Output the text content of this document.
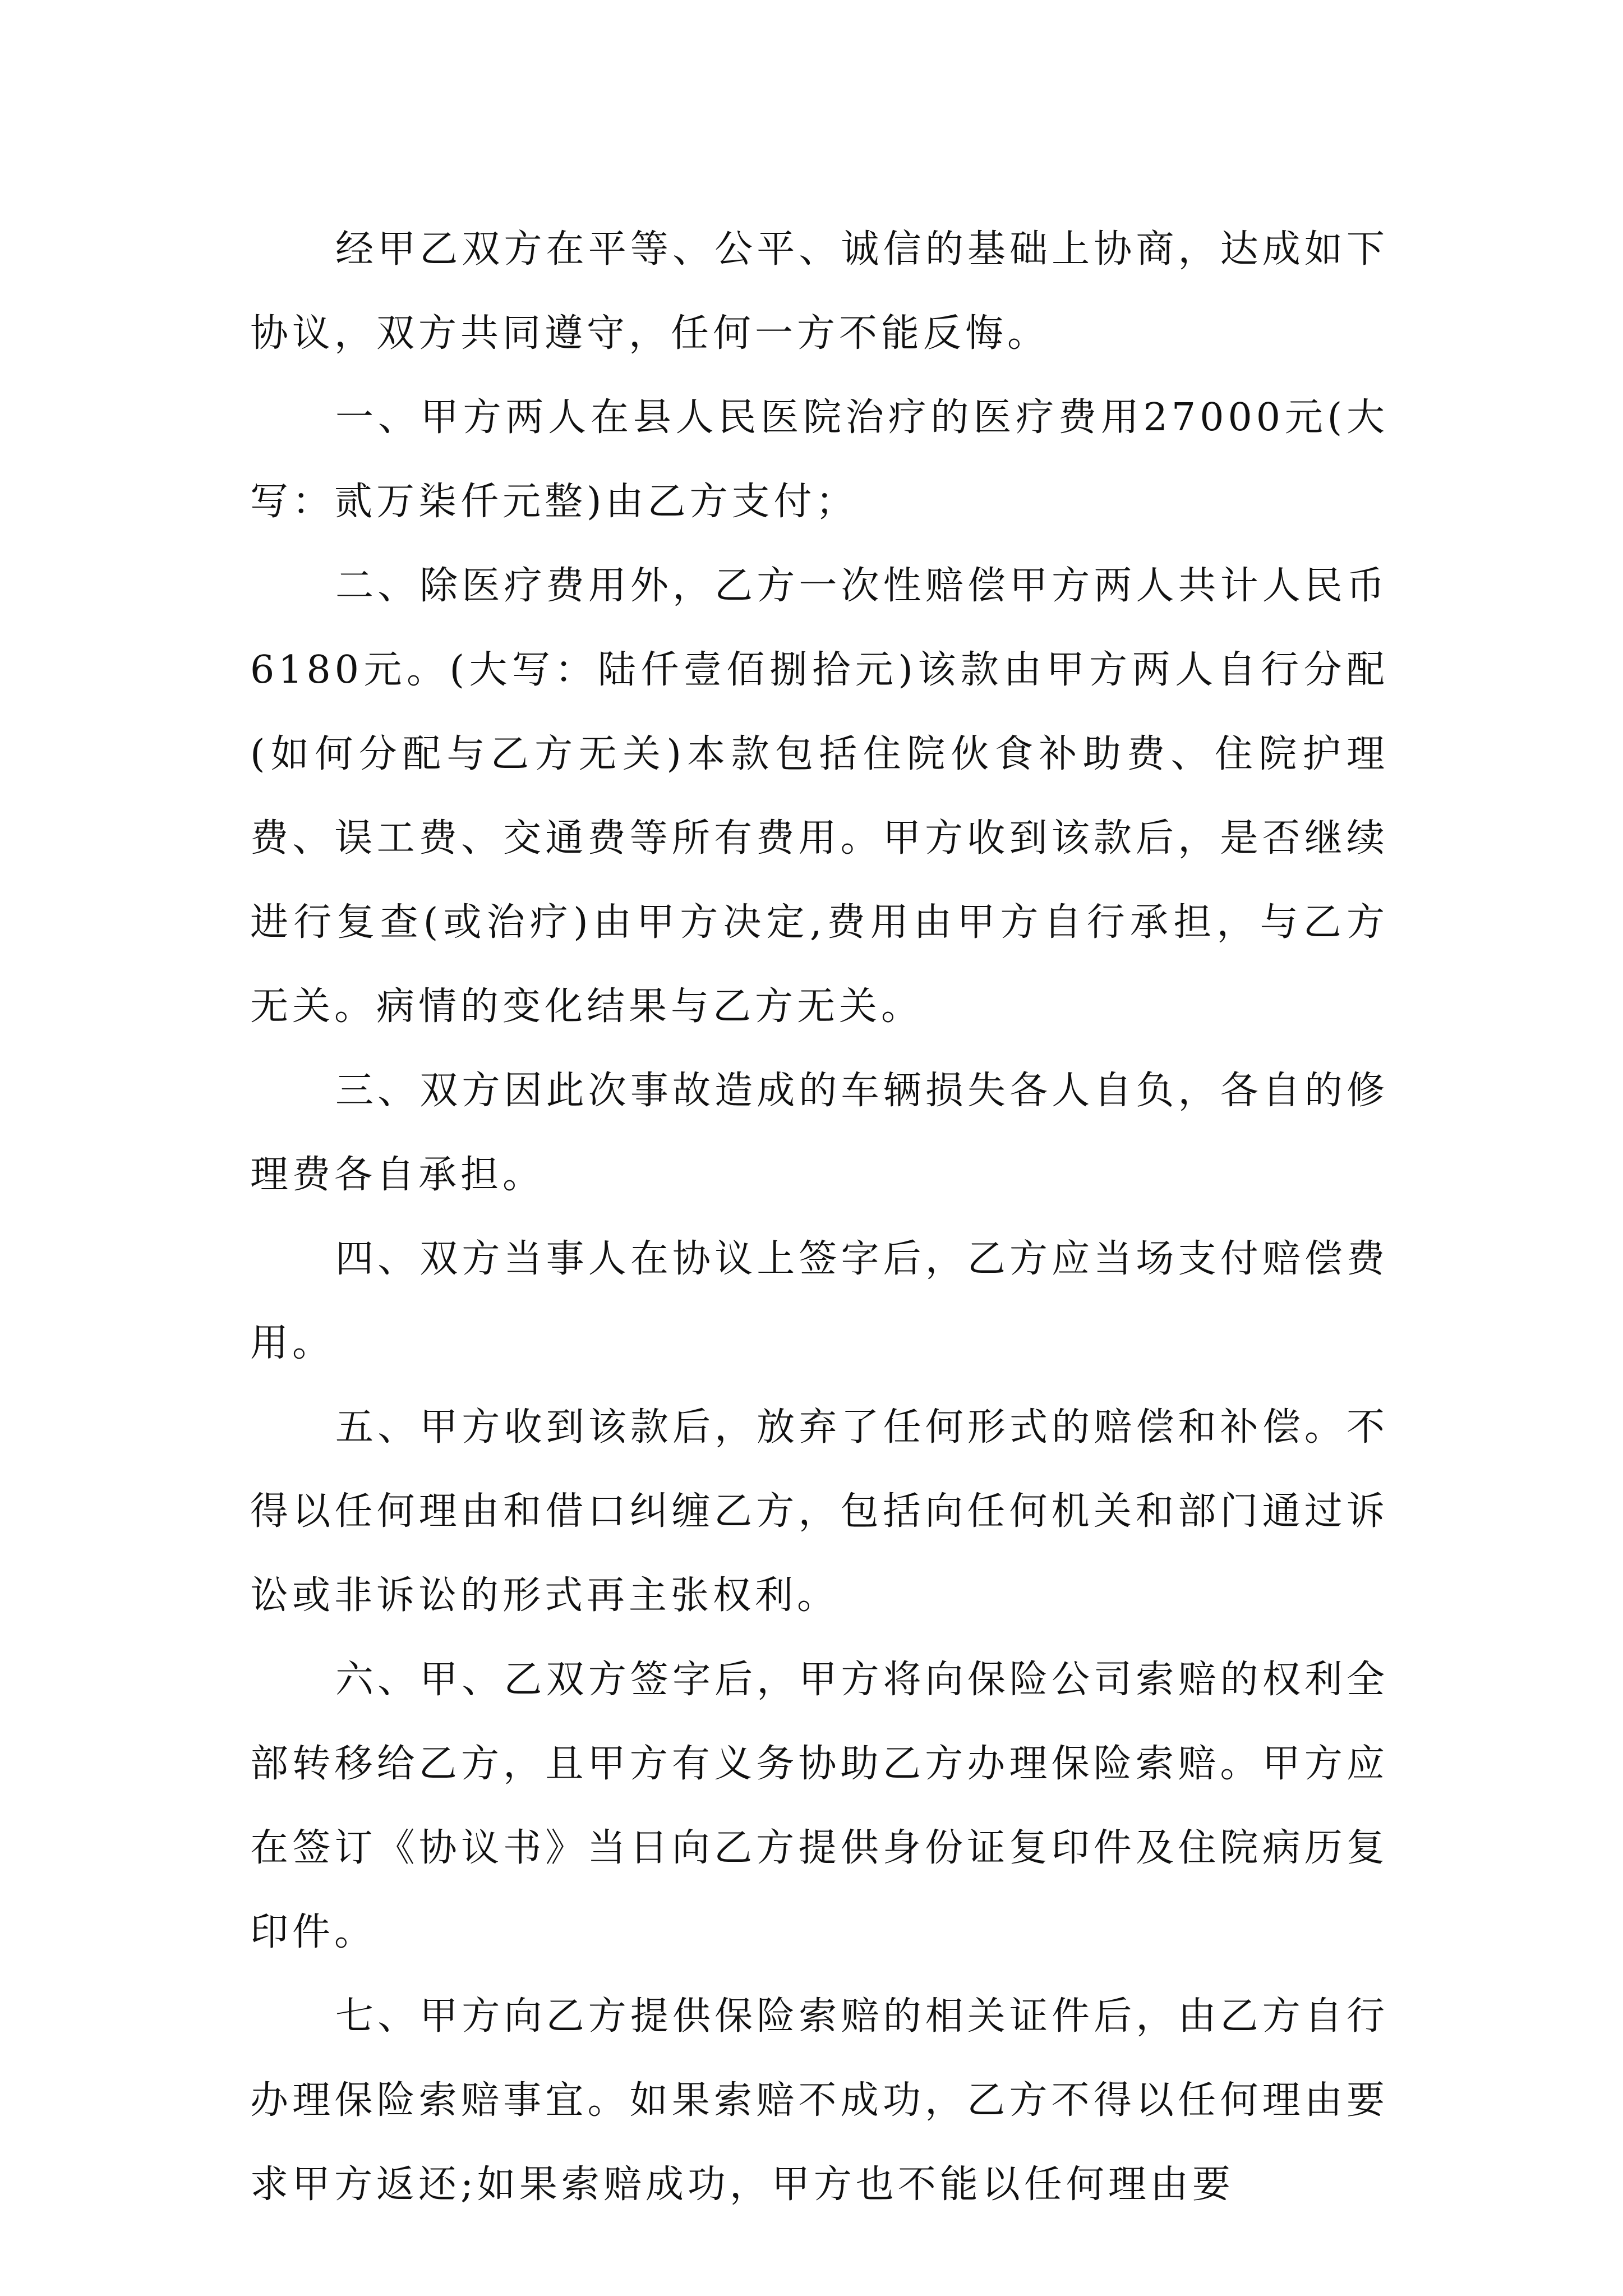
经甲乙双方在平等、公平、诚信的基础上协商，达成如下协议，双方共同遵守，任何一方不能反悔。

一、甲方两人在县人民医院治疗的医疗费用27000元(大写：贰万柒仟元整)由乙方支付；

二、除医疗费用外，乙方一次性赔偿甲方两人共计人民币6180元。(大写：陆仟壹佰捌拾元)该款由甲方两人自行分配(如何分配与乙方无关)本款包括住院伙食补助费、住院护理费、误工费、交通费等所有费用。甲方收到该款后，是否继续进行复查(或治疗)由甲方决定,费用由甲方自行承担，与乙方无关。病情的变化结果与乙方无关。

三、双方因此次事故造成的车辆损失各人自负，各自的修理费各自承担。

四、双方当事人在协议上签字后，乙方应当场支付赔偿费用。

五、甲方收到该款后，放弃了任何形式的赔偿和补偿。不得以任何理由和借口纠缠乙方，包括向任何机关和部门通过诉讼或非诉讼的形式再主张权利。

六、甲、乙双方签字后，甲方将向保险公司索赔的权利全部转移给乙方，且甲方有义务协助乙方办理保险索赔。甲方应在签订《协议书》当日向乙方提供身份证复印件及住院病历复印件。

七、甲方向乙方提供保险索赔的相关证件后，由乙方自行办理保险索赔事宜。如果索赔不成功，乙方不得以任何理由要求甲方返还;如果索赔成功，甲方也不能以任何理由要
